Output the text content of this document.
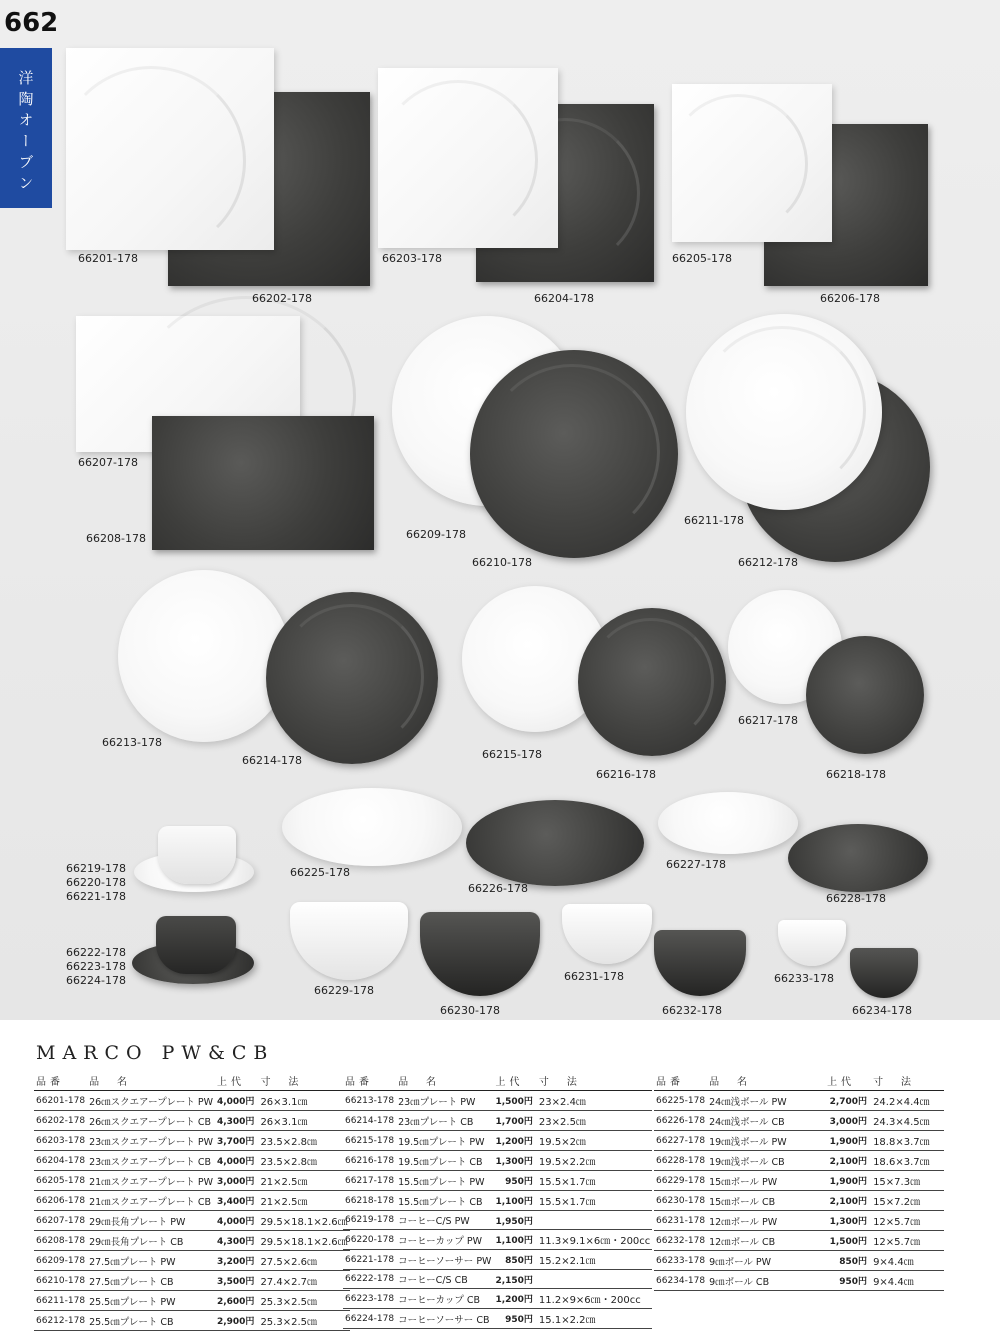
662
洋陶オーブン
66201-178
66202-178
66203-178
66204-178
66205-178
66206-178
66207-178
66208-178	66209-178
66210-178
66211-178
66212-178
66213-178
66214-178	66215-178
66216-178
66217-178
66218-178
66219-178
66220-178
66221-178
66225-178
66226-178
66227-178
66228-178
66222-178
66223-178
66224-178
66229-178
66230-178
66231-178
66232-178
66233-178
66234-178
MARCO PW&CB
品番	品　名	上代	寸　法
66201-178	26㎝スクエアープレート PW	4,000円	26×3.1㎝
66202-178	26㎝スクエアープレート CB	4,300円	26×3.1㎝
66203-178	23㎝スクエアープレート PW	3,700円	23.5×2.8㎝
66204-178	23㎝スクエアープレート CB	4,000円	23.5×2.8㎝
66205-178	21㎝スクエアープレート PW	3,000円	21×2.5㎝
66206-178	21㎝スクエアープレート CB	3,400円	21×2.5㎝
66207-178	29㎝長角プレート PW	4,000円	29.5×18.1×2.6㎝
66208-178	29㎝長角プレート CB	4,300円	29.5×18.1×2.6㎝
66209-178	27.5㎝プレート PW	3,200円	27.5×2.6㎝
66210-178	27.5㎝プレート CB	3,500円	27.4×2.7㎝
66211-178	25.5㎝プレート PW	2,600円	25.3×2.5㎝
66212-178	25.5㎝プレート CB	2,900円	25.3×2.5㎝
品番	品　名	上代	寸　法
66213-178	23㎝プレート PW	1,500円	23×2.4㎝
66214-178	23㎝プレート CB	1,700円	23×2.5㎝
66215-178	19.5㎝プレート PW	1,200円	19.5×2㎝
66216-178	19.5㎝プレート CB	1,300円	19.5×2.2㎝
66217-178	15.5㎝プレート PW	950円	15.5×1.7㎝
66218-178	15.5㎝プレート CB	1,100円	15.5×1.7㎝
66219-178	コーヒーC/S PW	1,950円	
66220-178	コーヒーカップ PW	1,100円	11.3×9.1×6㎝・200cc
66221-178	コーヒーソーサー PW	850円	15.2×2.1㎝
66222-178	コーヒーC/S CB	2,150円	
66223-178	コーヒーカップ CB	1,200円	11.2×9×6㎝・200cc
66224-178	コーヒーソーサー CB	950円	15.1×2.2㎝
品番	品　名	上代	寸　法
66225-178	24㎝浅ボール PW	2,700円	24.2×4.4㎝
66226-178	24㎝浅ボール CB	3,000円	24.3×4.5㎝
66227-178	19㎝浅ボール PW	1,900円	18.8×3.7㎝
66228-178	19㎝浅ボール CB	2,100円	18.6×3.7㎝
66229-178	15㎝ボール PW	1,900円	15×7.3㎝
66230-178	15㎝ボール CB	2,100円	15×7.2㎝
66231-178	12㎝ボール PW	1,300円	12×5.7㎝
66232-178	12㎝ボール CB	1,500円	12×5.7㎝
66233-178	9㎝ボール PW	850円	9×4.4㎝
66234-178	9㎝ボール CB	950円	9×4.4㎝
